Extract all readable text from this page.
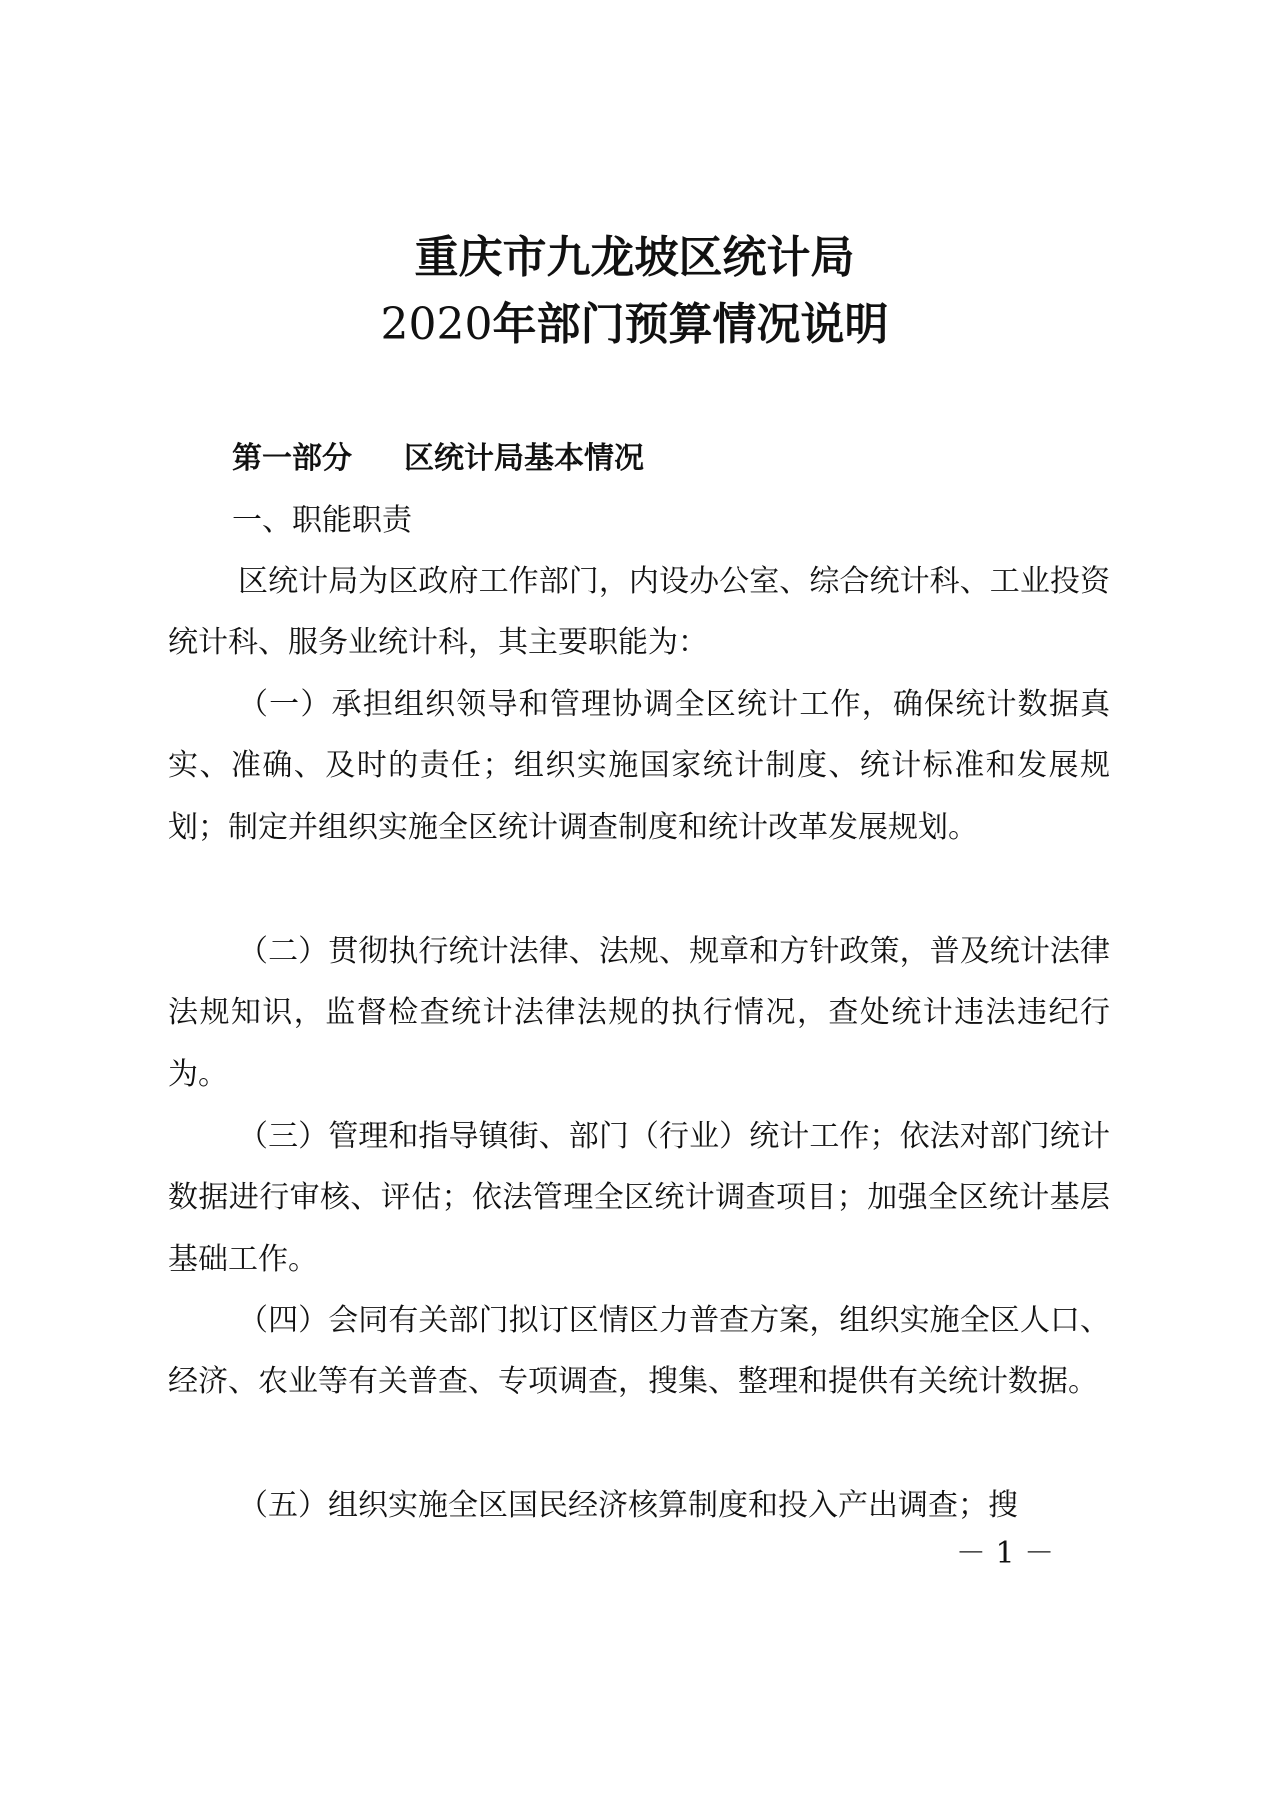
重庆市九龙坡区统计局
2020年部门预算情况说明
第一部分 区统计局基本情况
一、职能职责

区统计局为区政府工作部门，内设办公室、综合统计科、工业投资统计科、服务业统计科，其主要职能为：

（一）承担组织领导和管理协调全区统计工作，确保统计数据真实、准确、及时的责任；组织实施国家统计制度、统计标准和发展规划；制定并组织实施全区统计调查制度和统计改革发展规划。

（二）贯彻执行统计法律、法规、规章和方针政策，普及统计法律法规知识，监督检查统计法律法规的执行情况，查处统计违法违纪行为。

（三）管理和指导镇街、部门（行业）统计工作；依法对部门统计数据进行审核、评估；依法管理全区统计调查项目；加强全区统计基层基础工作。

（四）会同有关部门拟订区情区力普查方案，组织实施全区人口、经济、农业等有关普查、专项调查，搜集、整理和提供有关统计数据。

（五）组织实施全区国民经济核算制度和投入产出调查；搜

－ 1 －
